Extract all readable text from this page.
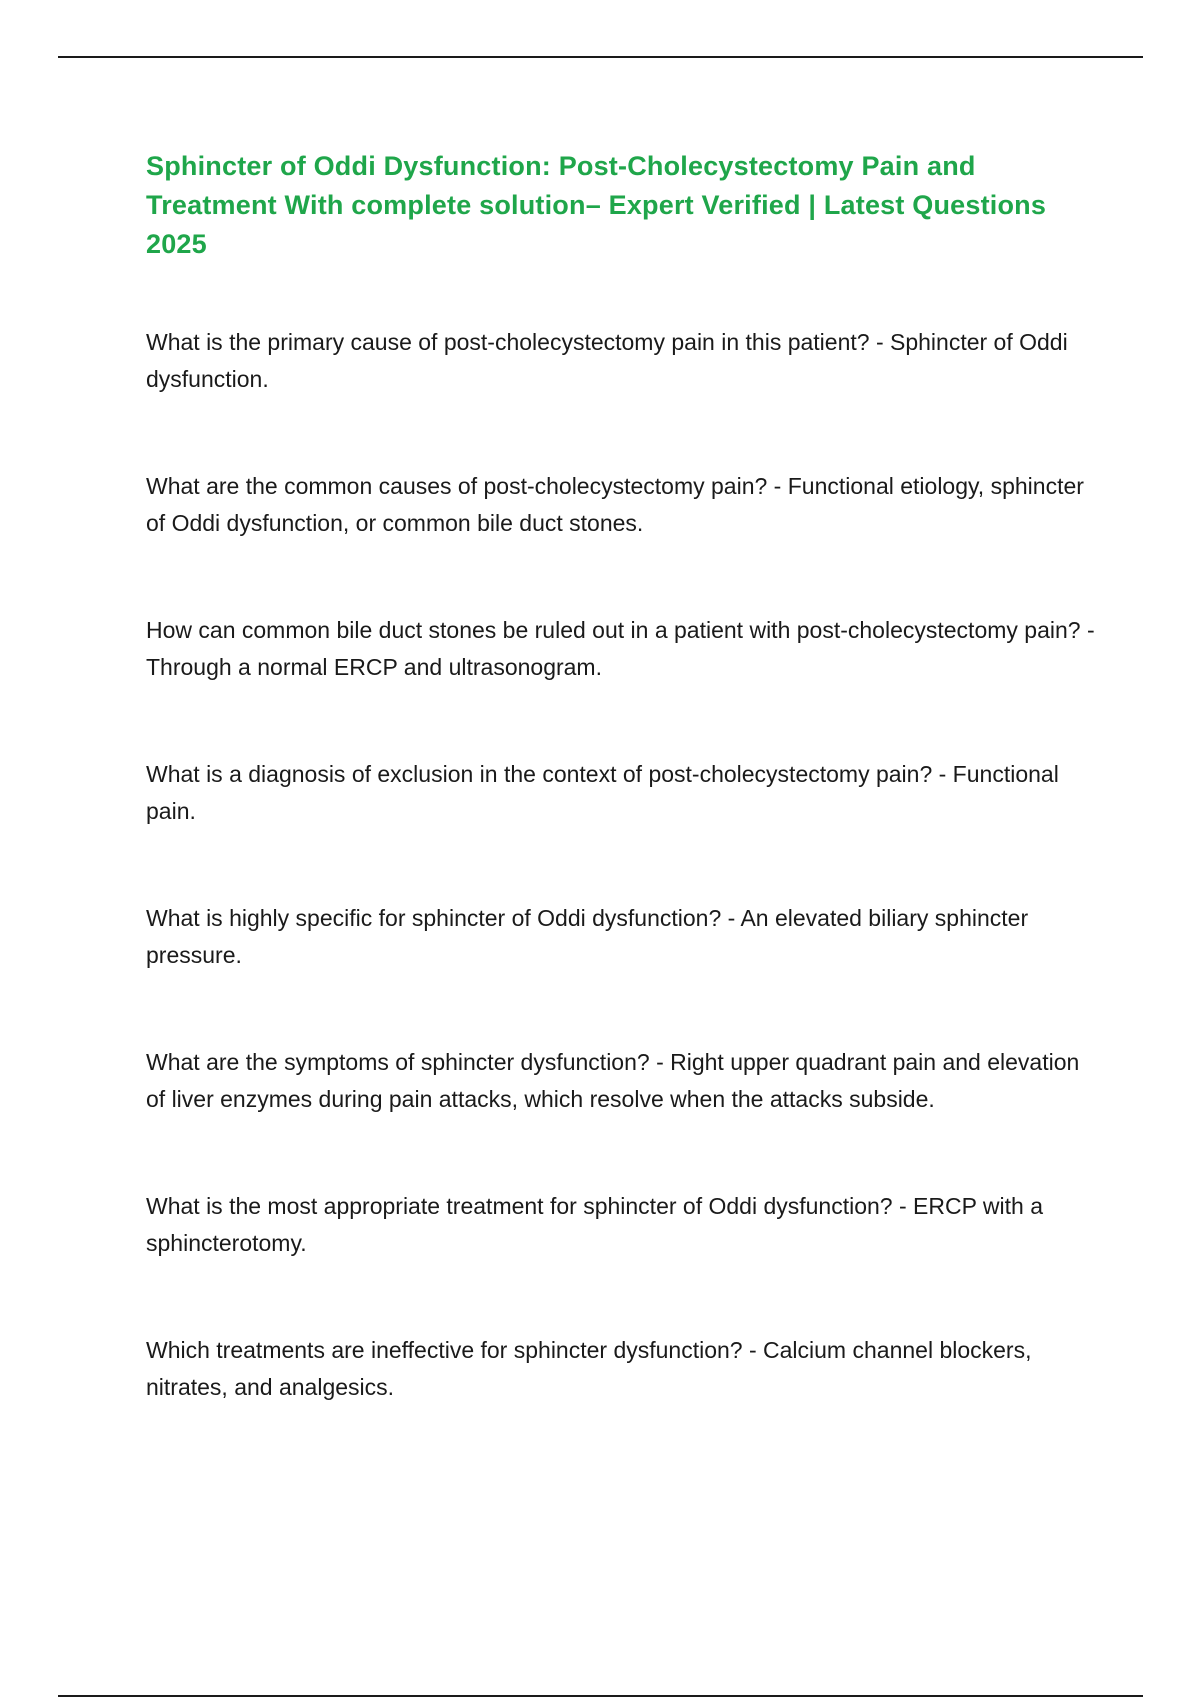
Sphincter of Oddi Dysfunction: Post-Cholecystectomy Pain and Treatment With complete solution– Expert Verified | Latest Questions 2025

What is the primary cause of post-cholecystectomy pain in this patient? - Sphincter of Oddi dysfunction.

What are the common causes of post-cholecystectomy pain? - Functional etiology, sphincter of Oddi dysfunction, or common bile duct stones.

How can common bile duct stones be ruled out in a patient with post-cholecystectomy pain? - Through a normal ERCP and ultrasonogram.

What is a diagnosis of exclusion in the context of post-cholecystectomy pain? - Functional pain.

What is highly specific for sphincter of Oddi dysfunction? - An elevated biliary sphincter pressure.

What are the symptoms of sphincter dysfunction? - Right upper quadrant pain and elevation of liver enzymes during pain attacks, which resolve when the attacks subside.

What is the most appropriate treatment for sphincter of Oddi dysfunction? - ERCP with a sphincterotomy.

Which treatments are ineffective for sphincter dysfunction? - Calcium channel blockers, nitrates, and analgesics.
